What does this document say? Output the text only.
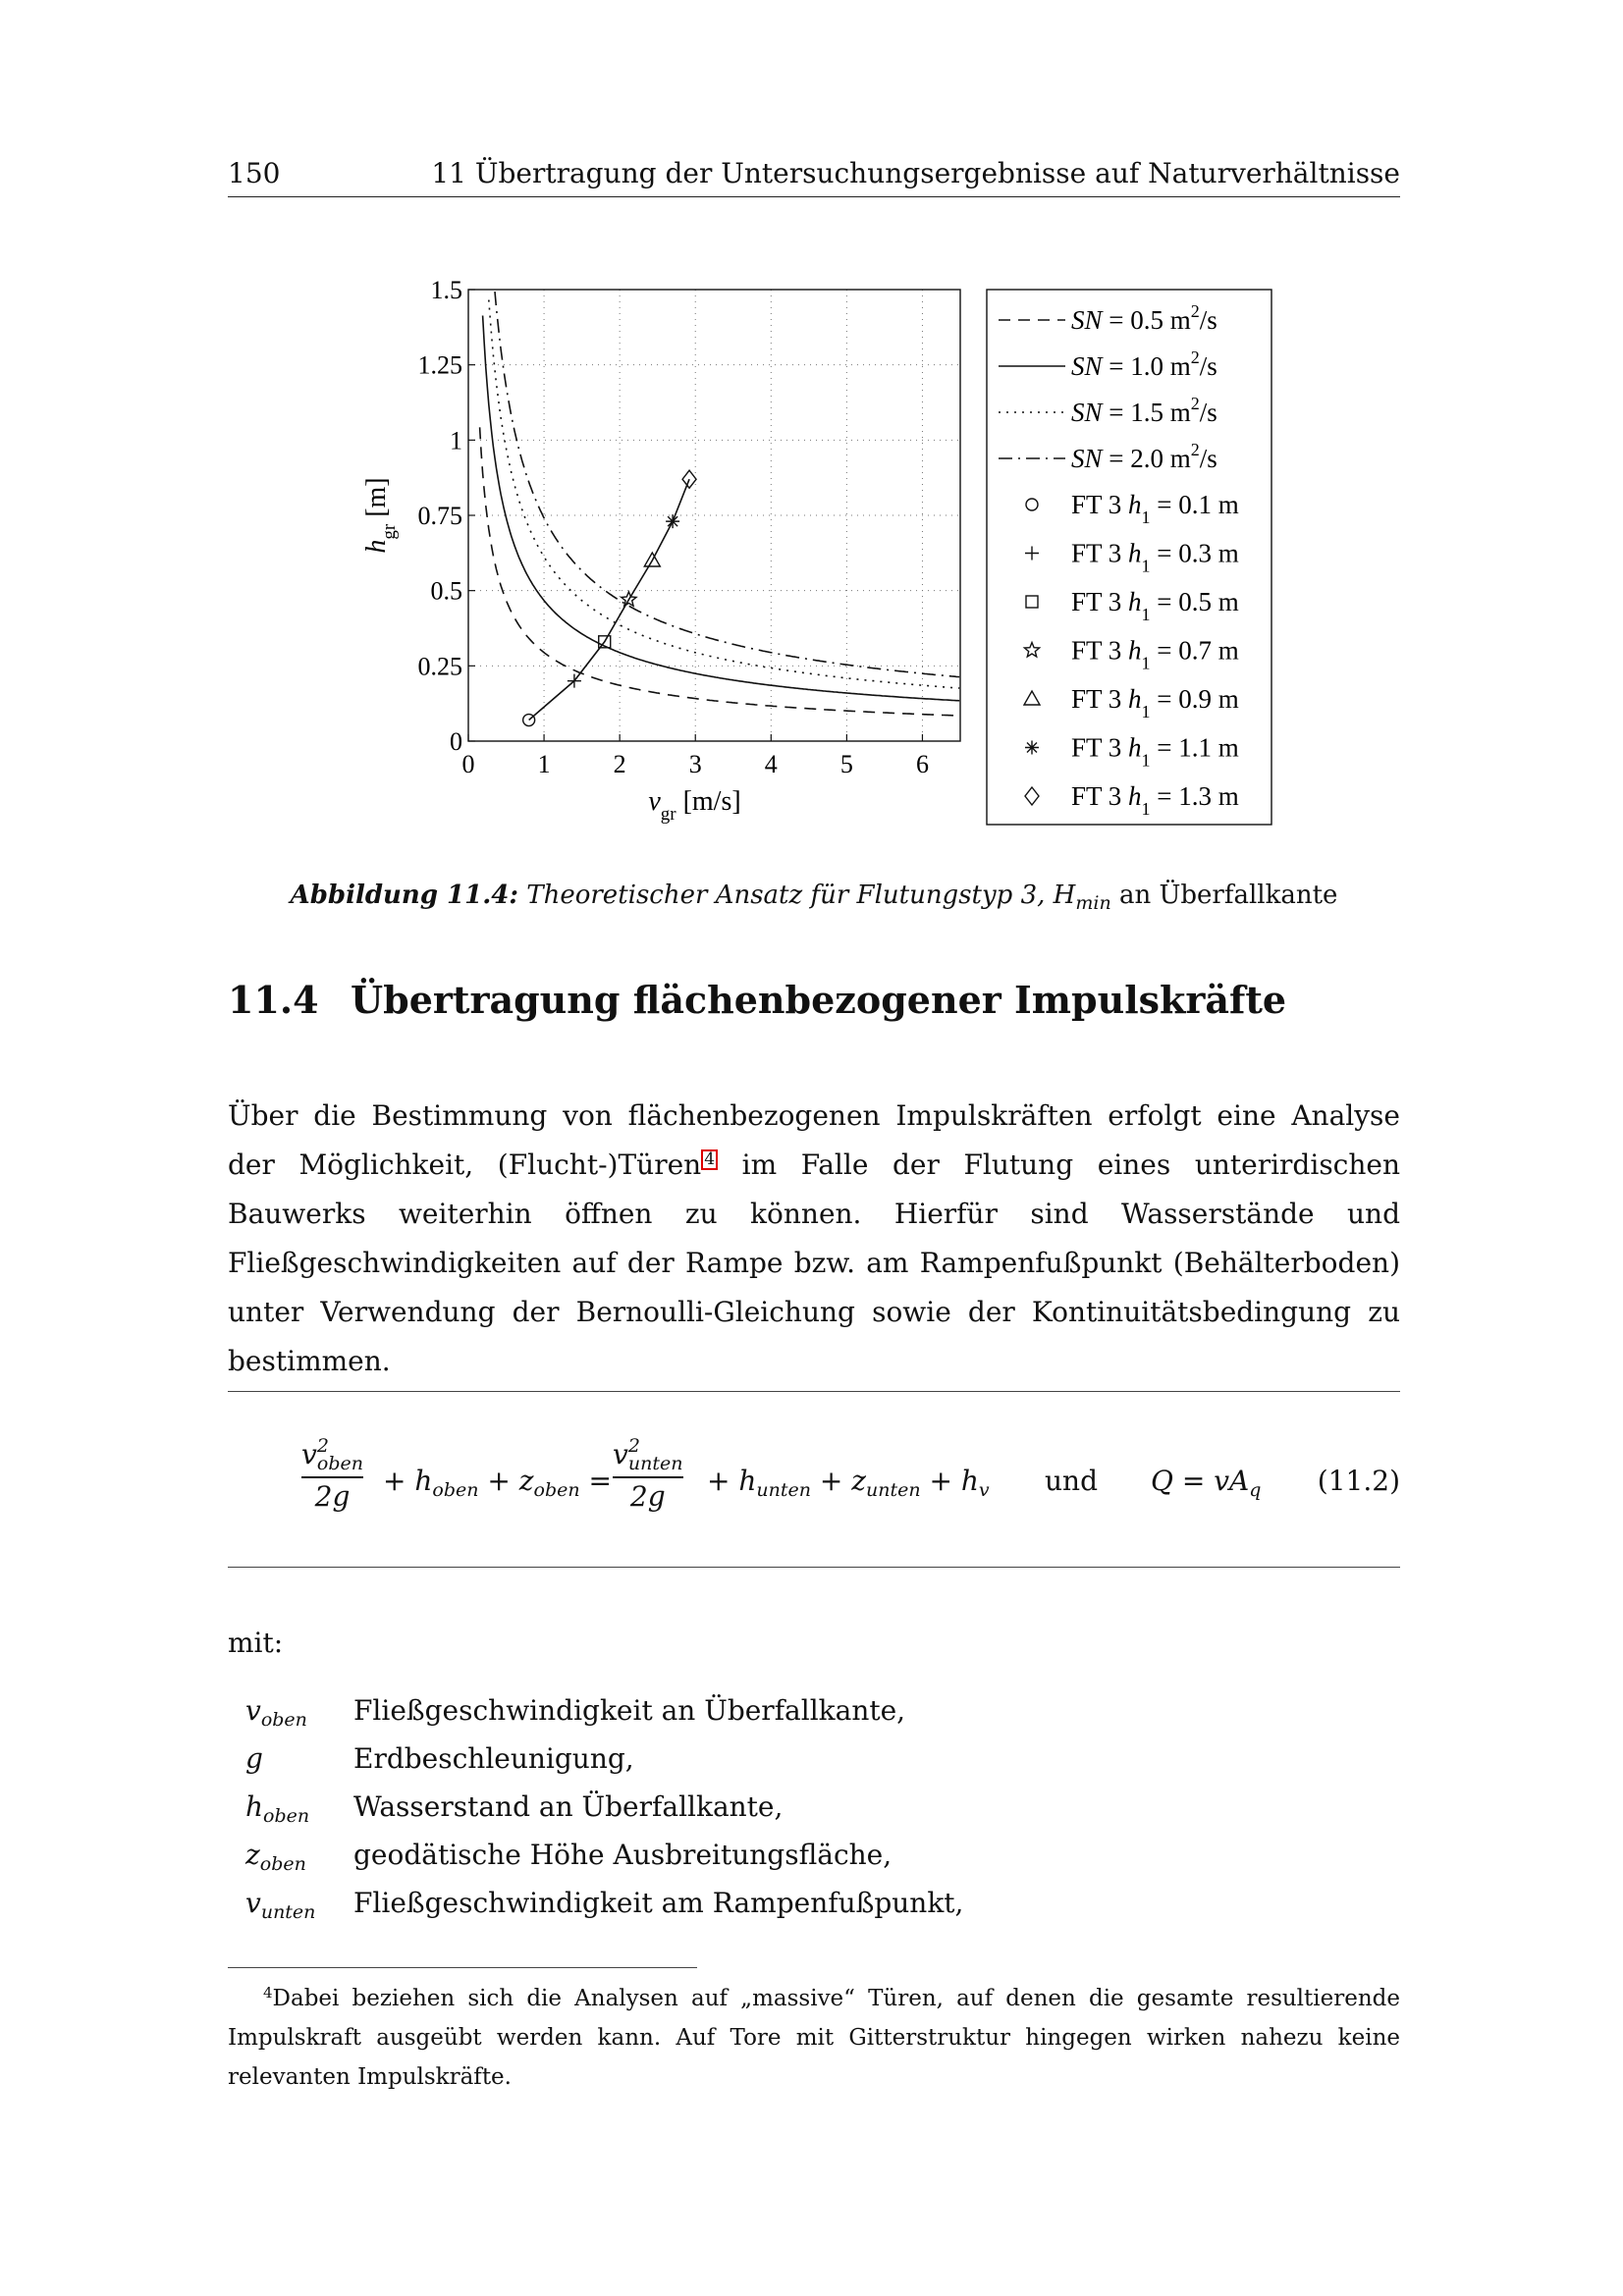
150	11 Übertragung der Untersuchungsergebnisse auf Naturverhältnisse
0 1 2 3 4 5 6
0
0.25
0.5
0.75
1
1.25
1.5
$v_{gr}$ [m/s]
$h_{gr}$ [m]
SN = 0.5 $m^2/s$
SN = 1.0 $m^2/s$
SN = 1.5 $m^2/s$
SN = 2.0 $m^2/s$
FT 3 $h_1 = 0.1$ m
FT 3 $h_1 = 0.3$ m
FT 3 $h_1 = 0.5$ m
FT 3 $h_1 = 0.7$ m
FT 3 $h_1 = 0.9$ m
FT 3 $h_1 = 1.1$ m
FT 3 $h_1 = 1.3$ m
Abbildung 11.4: Theoretischer Ansatz für Flutungstyp 3, $H_{min}$ an Überfallkante
11.4 Übertragung flächenbezogener Impulskräfte
Über die Bestimmung von flächenbezogenen Impulskräften erfolgt eine Analyse der Möglichkeit, (Flucht-)Türen 4 im Falle der Flutung eines unterirdischen Bauwerks weiterhin öffnen zu können. Hierfür sind Wasserstände und Fließgeschwindigkeiten auf der Rampe bzw. am Rampenfußpunkt (Behälterboden) unter Verwendung der Bernoulli-Gleichung sowie der Kontinuitätsbedingung zu bestimmen.
$v^2_{oben}$
2g	+ $h_{oben} + z_{oben}$ =
$v^2_{unten}$
2g	+ $h_{unten} + z_{unten} + h_v$ und $Q = vA_q$ (11.2)
mit:
$v_{oben}$ Fließgeschwindigkeit an Überfallkante,
g	Erdbeschleunigung,
$h_{oben}$ Wasserstand an Überfallkante,
$z_{oben}$ geodätische Höhe Ausbreitungsfläche,
$v_{unten}$ Fließgeschwindigkeit am Rampenfußpunkt,
$^4$Dabei beziehen sich die Analysen auf „massive“ Türen, auf denen die gesamte resultierende Impulskraft ausgeübt werden kann. Auf Tore mit Gitterstruktur hingegen wirken nahezu keine relevanten Impulskräfte.
